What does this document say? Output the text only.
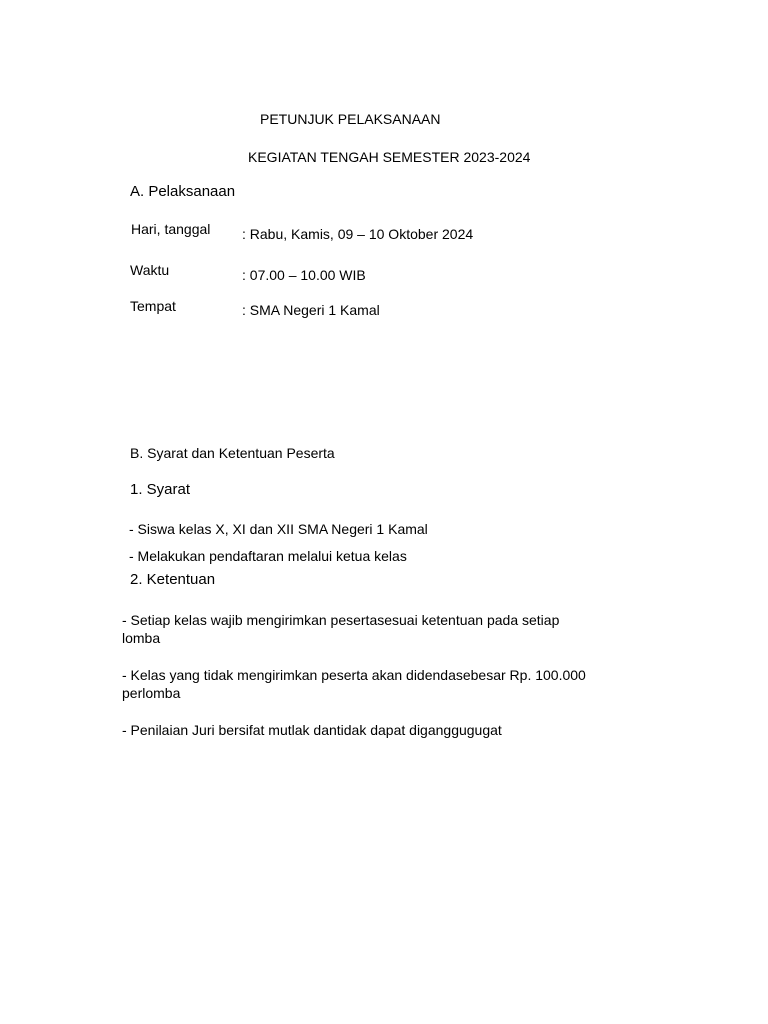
PETUNJUK PELAKSANAAN
KEGIATAN TENGAH SEMESTER 2023-2024
A. Pelaksanaan
Hari, tanggal : Rabu, Kamis, 09 – 10 Oktober 2024
Waktu	: 07.00 – 10.00 WIB
Tempat	: SMA Negeri 1 Kamal
B. Syarat dan Ketentuan Peserta
1. Syarat
- Siswa kelas X, XI dan XII SMA Negeri 1 Kamal
- Melakukan pendaftaran melalui ketua kelas
2. Ketentuan
- Setiap kelas wajib mengirimkan pesertasesuai ketentuan pada setiap lomba
- Kelas yang tidak mengirimkan peserta akan didendasebesar Rp. 100.000 perlomba
- Penilaian Juri bersifat mutlak dantidak dapat diganggugugat
